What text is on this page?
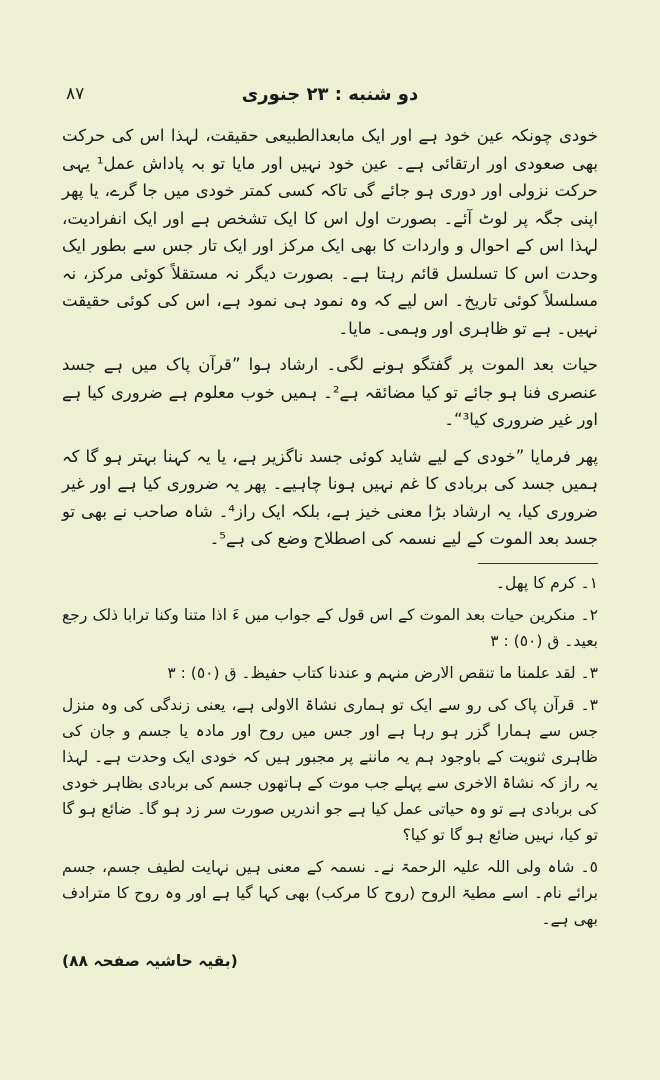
٨٧	دو شنبه : ٢٣ جنوری

خودی چونکہ عین خود ہے اور ایک مابعدالطبیعی حقیقت، لہذا اس کی حرکت بھی صعودی اور ارتقائی ہے۔ عین خود نہیں اور مایا تو بہ پاداش عمل¹ یہی حرکت نزولی اور دوری ہو جائے گی تاکہ کسی کمتر خودی میں جا گرے، یا پھر اپنی جگہ پر لوٹ آئے۔ بصورت اول اس کا ایک تشخص ہے اور ایک انفرادیت، لہذا اس کے احوال و واردات کا بھی ایک مرکز اور ایک تار جس سے بطور ایک وحدت اس کا تسلسل قائم رہتا ہے۔ بصورت دیگر نہ مستقلاً کوئی مرکز، نہ مسلسلاً کوئی تاریخ۔ اس لیے کہ وہ نمود ہی نمود ہے، اس کی کوئی حقیقت نہیں۔ ہے تو ظاہری اور وہمی۔ مایا۔

حیات بعد الموت پر گفتگو ہونے لگی۔ ارشاد ہوا ”قرآن پاک میں ہے جسد عنصری فنا ہو جائے تو کیا مضائقہ ہے²۔ ہمیں خوب معلوم ہے ضروری کیا ہے اور غیر ضروری کیا³“۔

پھر فرمایا ”خودی کے لیے شاید کوئی جسد ناگزیر ہے، یا یہ کہنا بہتر ہو گا کہ ہمیں جسد کی بربادی کا غم نہیں ہونا چاہیے۔ پھر یہ ضروری کیا ہے اور غیر ضروری کیا، یہ ارشاد بڑا معنی خیز ہے، بلکہ ایک راز⁴۔ شاہ صاحب نے بھی تو جسد بعد الموت کے لیے نسمہ کی اصطلاح وضع کی ہے⁵۔

١۔ کرم کا پھل۔

٢۔ منکرین حیات بعد الموت کے اس قول کے جواب میں ءَ اذا متنا وکنا ترابا ذلک رجع بعید۔ ق (٥٠) : ٣

٣۔ لقد علمنا ما تنقص الارض منہم و عندنا کتاب حفیظ۔ ق (٥٠) : ٣

٣۔ قرآن پاک کی رو سے ایک تو ہماری نشاۃ الاولی ہے، یعنی زندگی کی وہ منزل جس سے ہمارا گزر ہو رہا ہے اور جس میں روح اور مادہ یا جسم و جان کی ظاہری ثنویت کے باوجود ہم یہ ماننے پر مجبور ہیں کہ خودی ایک وحدت ہے۔ لہذا یہ راز کہ نشاۃ الاخری سے پہلے جب موت کے ہاتھوں جسم کی بربادی بظاہر خودی کی بربادی ہے تو وہ حیاتی عمل کیا ہے جو اندریں صورت سر زد ہو گا۔ ضائع ہو گا تو کیا، نہیں ضائع ہو گا تو کیا؟

٥۔ شاہ ولی اللہ علیہ الرحمۃ نے۔ نسمہ کے معنی ہیں نہایت لطیف جسم، جسم برائے نام۔ اسے مطیۃ الروح (روح کا مرکب) بھی کہا گیا ہے اور وہ روح کا مترادف بھی ہے۔

(بقیہ حاشیہ صفحہ ٨٨)
